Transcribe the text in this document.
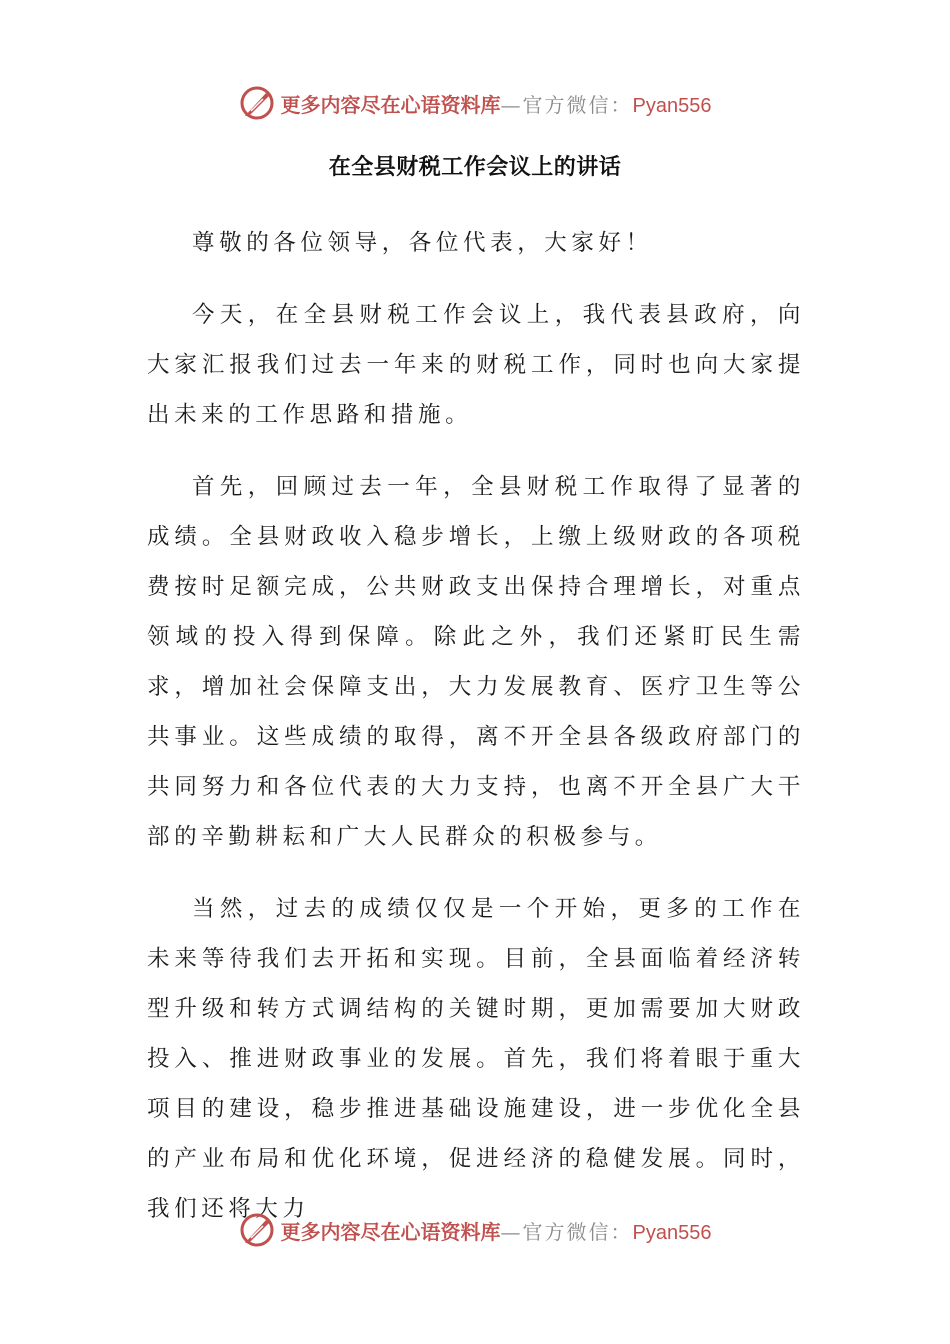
更多内容尽在心语资料库 — 官方微信： Pyan556
在全县财税工作会议上的讲话

尊敬的各位领导，各位代表，大家好！

今天，在全县财税工作会议上，我代表县政府，向大家汇报我们过去一年来的财税工作，同时也向大家提出未来的工作思路和措施。

首先，回顾过去一年，全县财税工作取得了显著的成绩。全县财政收入稳步增长，上缴上级财政的各项税费按时足额完成，公共财政支出保持合理增长，对重点领域的投入得到保障。除此之外，我们还紧盯民生需求，增加社会保障支出，大力发展教育、医疗卫生等公共事业。这些成绩的取得，离不开全县各级政府部门的共同努力和各位代表的大力支持，也离不开全县广大干部的辛勤耕耘和广大人民群众的积极参与。

当然，过去的成绩仅仅是一个开始，更多的工作在未来等待我们去开拓和实现。目前，全县面临着经济转型升级和转方式调结构的关键时期，更加需要加大财政投入、推进财政事业的发展。首先，我们将着眼于重大项目的建设，稳步推进基础设施建设，进一步优化全县的产业布局和优化环境，促进经济的稳健发展。同时，我们还将大力

更多内容尽在心语资料库 — 官方微信： Pyan556
